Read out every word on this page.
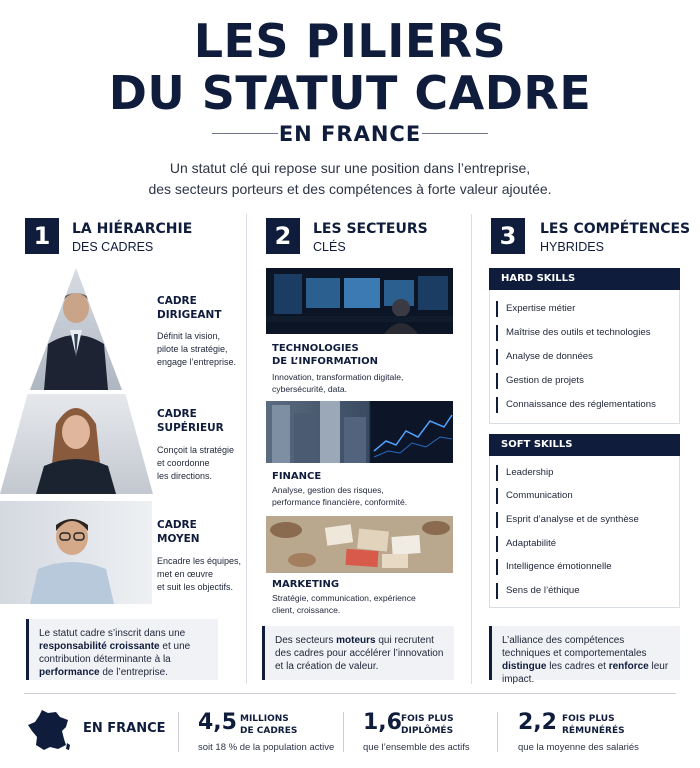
LES PILIERS
DU STATUT CADRE
EN FRANCE
Un statut clé qui repose sur une position dans l’entreprise,
des secteurs porteurs et des compétences à forte valeur ajoutée.
1	LA HIÉRARCHIE
DES CADRES
CADRE
DIRIGEANT
Définit la vision,
pilote la stratégie,
engage l’entreprise.
CADRE
SUPÉRIEUR
Conçoit la stratégie
et coordonne
les directions.
CADRE
MOYEN
Encadre les équipes,
met en œuvre
et suit les objectifs.
Le statut cadre s’inscrit dans une responsabilité croissante et une contribution déterminante à la performance de l’entreprise.
2	LES SECTEURS
CLÉS
TECHNOLOGIES
DE L’INFORMATION
Innovation, transformation digitale,
cybersécurité, data.
FINANCE
Analyse, gestion des risques,
performance financière, conformité.
MARKETING
Stratégie, communication, expérience
client, croissance.
Des secteurs moteurs qui recrutent des cadres pour accélérer l’innovation et la création de valeur.
3	LES COMPÉTENCES
HYBRIDES
HARD SKILLS
Expertise métier
Maîtrise des outils et technologies
Analyse de données
Gestion de projets
Connaissance des réglementations
SOFT SKILLS
Leadership
Communication
Esprit d’analyse et de synthèse
Adaptabilité
Intelligence émotionnelle
Sens de l’éthique
L’alliance des compétences techniques et comportementales distingue les cadres et renforce leur impact.
EN FRANCE 4,5 MILLIONS
DE CADRES
soit 18 % de la population active
1,6 FOIS PLUS
DIPLÔMÉS
que l’ensemble des actifs
2,2 FOIS PLUS
RÉMUNÉRÉS
que la moyenne des salariés
